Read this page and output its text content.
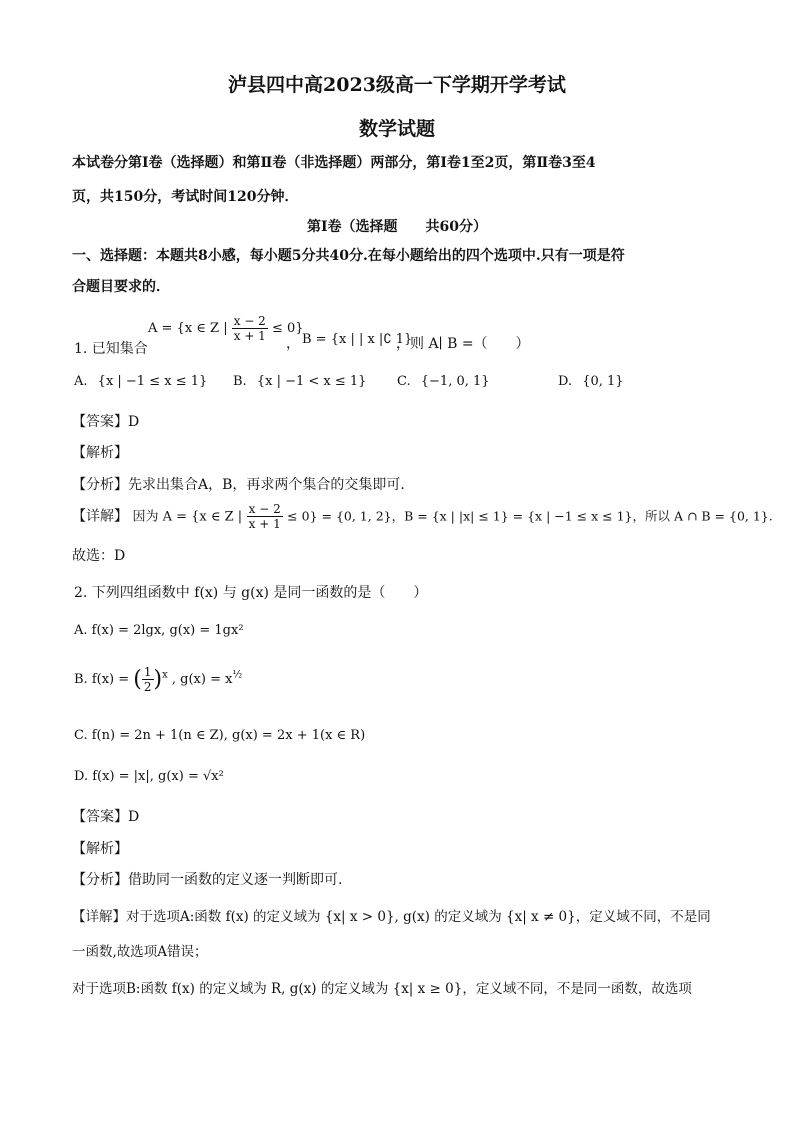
泸县四中高2023级高一下学期开学考试
数学试题
本试卷分第Ⅰ卷（选择题）和第Ⅱ卷（非选择题）两部分，第Ⅰ卷1至2页，第Ⅱ卷3至4
页，共150分，考试时间120分钟．
第Ⅰ卷（选择题　　共60分）
一、选择题：本题共8小感，每小题5分共40分.在每小题给出的四个选项中.只有一项是符
合题目要求的．
1. 已知集合
A = {x ∈ Z | $\frac{x - 2}{x + 1} \le 0$}
， B = {x | | x |∁ 1}
，则 A∣ B =（　　）
A. {x | −1 ≤ x ≤ 1} B. {x | −1 < x ≤ 1} C. {−1, 0, 1}	D. {0, 1}
【答案】D
【解析】
【分析】先求出集合A，B，再求两个集合的交集即可.
【详解】 因为 A = {x ∈ Z | $\frac{x - 2}{x + 1} \le 0\} = \{0$, 1, 2}，B = {x | |x| ≤ 1} = {x | −1 ≤ x ≤ 1}，所以 A ∩ B = {0, 1}.
故选：D
2. 下列四组函数中 f(x) 与 g(x) 是同一函数的是（　　）
A. f(x) = 2lgx, g(x) = 1gx²
B. f(x) = ( $\frac{1}{2} )^x$ , $g(x) = x^{\frac{1}{2}}$
C. f(n) = 2n + 1(n ∈ Z), g(x) = 2x + 1(x ∈ R)
D. f(x) = |x|, g(x) = √x²
【答案】D
【解析】
【分析】借助同一函数的定义逐一判断即可.
【详解】对于选项A:函数 f(x) 的定义域为 {x| x > 0}, g(x) 的定义域为 {x| x ≠ 0}，定义域不同，不是同
一函数,故选项A错误；
对于选项B:函数 f(x) 的定义域为 R, g(x) 的定义域为 {x| x ≥ 0}，定义域不同，不是同一函数，故选项
